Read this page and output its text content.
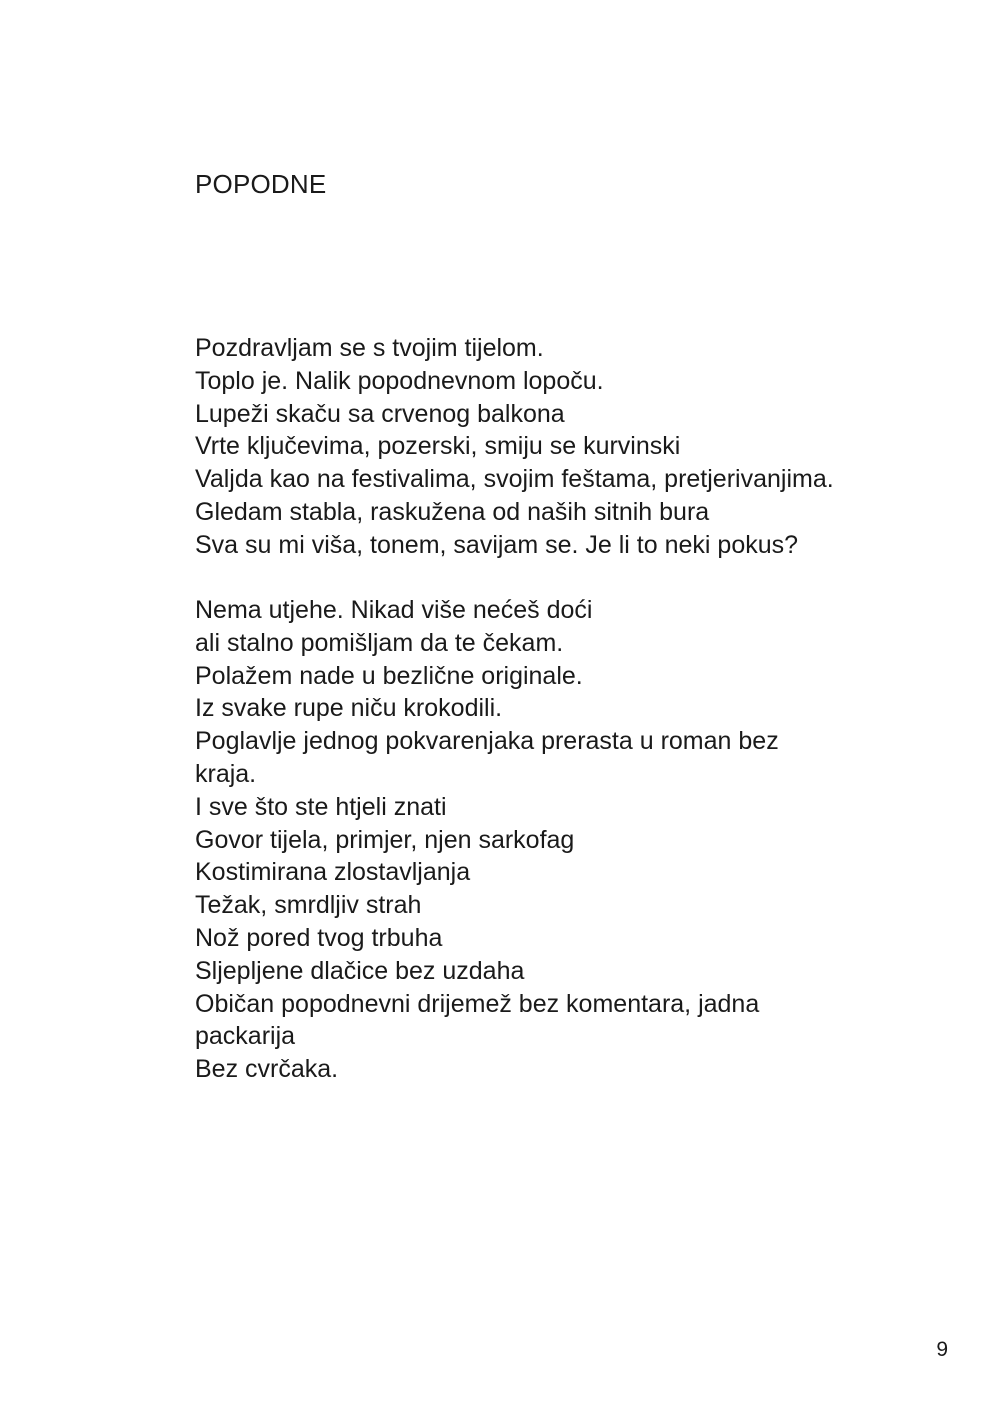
POPODNE

Pozdravljam se s tvojim tijelom.

Toplo je. Nalik popodnevnom lopoču.

Lupeži skaču sa crvenog balkona

Vrte ključevima, pozerski, smiju se kurvinski

Valjda kao na festivalima, svojim feštama, pretjerivanjima.

Gledam stabla, raskužena od naših sitnih bura

Sva su mi viša, tonem, savijam se. Je li to neki pokus?

Nema utjehe. Nikad više nećeš doći

ali stalno pomišljam da te čekam.

Polažem nade u bezlične originale.

Iz svake rupe niču krokodili.

Poglavlje jednog pokvarenjaka prerasta u roman bez

kraja.

I sve što ste htjeli znati

Govor tijela, primjer, njen sarkofag

Kostimirana zlostavljanja

Težak, smrdljiv strah

Nož pored tvog trbuha

Sljepljene dlačice bez uzdaha

Običan popodnevni drijemež bez komentara, jadna

packarija

Bez cvrčaka.

9
